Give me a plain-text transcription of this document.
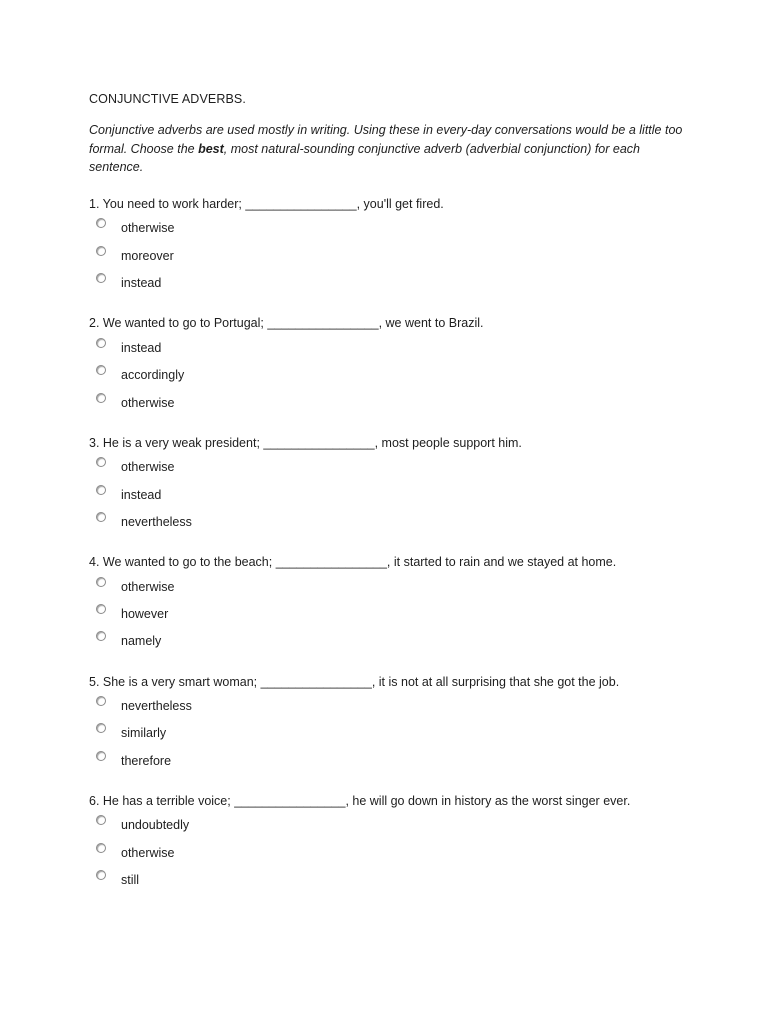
CONJUNCTIVE ADVERBS.
Conjunctive adverbs are used mostly in writing. Using these in every-day conversations would be a little too formal. Choose the best, most natural-sounding conjunctive adverb (adverbial conjunction) for each sentence.
1. You need to work harder; ________________, you'll get fired.
otherwise
moreover
instead
2. We wanted to go to Portugal; ________________, we went to Brazil.
instead
accordingly
otherwise
3. He is a very weak president; ________________, most people support him.
otherwise
instead
nevertheless
4. We wanted to go to the beach; ________________, it started to rain and we stayed at home.
otherwise
however
namely
5. She is a very smart woman; ________________, it is not at all surprising that she got the job.
nevertheless
similarly
therefore
6. He has a terrible voice; ________________, he will go down in history as the worst singer ever.
undoubtedly
otherwise
still
